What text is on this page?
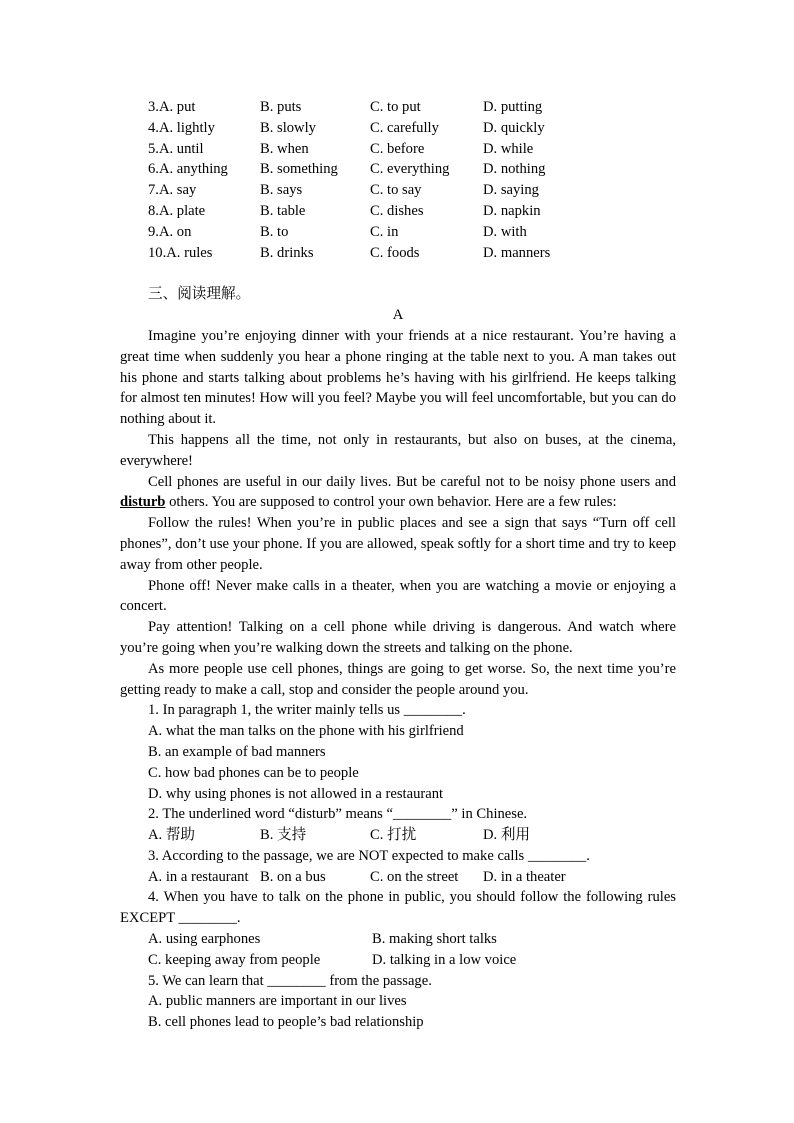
3.A. put	B. puts	C. to put	D. putting
4.A. lightly	B. slowly	C. carefully	D. quickly
5.A. until	B. when	C. before	D. while
6.A. anything B. something C. everything D. nothing
7.A. say	B. says	C. to say	D. saying
8.A. plate	B. table	C. dishes	D. napkin
9.A. on	B. to	C. in	D. with
10.A. rules	B. drinks	C. foods	D. manners

三、阅读理解。

A

Imagine you’re enjoying dinner with your friends at a nice restaurant. You’re having a great time when suddenly you hear a phone ringing at the table next to you. A man takes out his phone and starts talking about problems he’s having with his girlfriend. He keeps talking for almost ten minutes! How will you feel? Maybe you will feel uncomfortable, but you can do nothing about it.

This happens all the time, not only in restaurants, but also on buses, at the cinema, everywhere!

Cell phones are useful in our daily lives. But be careful not to be noisy phone users and disturb others. You are supposed to control your own behavior. Here are a few rules:

Follow the rules! When you’re in public places and see a sign that says “Turn off cell phones”, don’t use your phone. If you are allowed, speak softly for a short time and try to keep away from other people.

Phone off! Never make calls in a theater, when you are watching a movie or enjoying a concert.

Pay attention! Talking on a cell phone while driving is dangerous. And watch where you’re going when you’re walking down the streets and talking on the phone.

As more people use cell phones, things are going to get worse. So, the next time you’re getting ready to make a call, stop and consider the people around you.

1. In paragraph 1, the writer mainly tells us ________.

A. what the man talks on the phone with his girlfriend
B. an example of bad manners
C. how bad phones can be to people
D. why using phones is not allowed in a restaurant

2. The underlined word “disturb” means “________” in Chinese.

A. 帮助	B. 支持	C. 打扰	D. 利用

3. According to the passage, we are NOT expected to make calls ________.

A. in a restaurant B. on a bus	C. on the street D. in a theater

4. When you have to talk on the phone in public, you should follow the following rules EXCEPT ________.

A. using earphones	B. making short talks
C. keeping away from people	D. talking in a low voice

5. We can learn that ________ from the passage.

A. public manners are important in our lives
B. cell phones lead to people’s bad relationship
